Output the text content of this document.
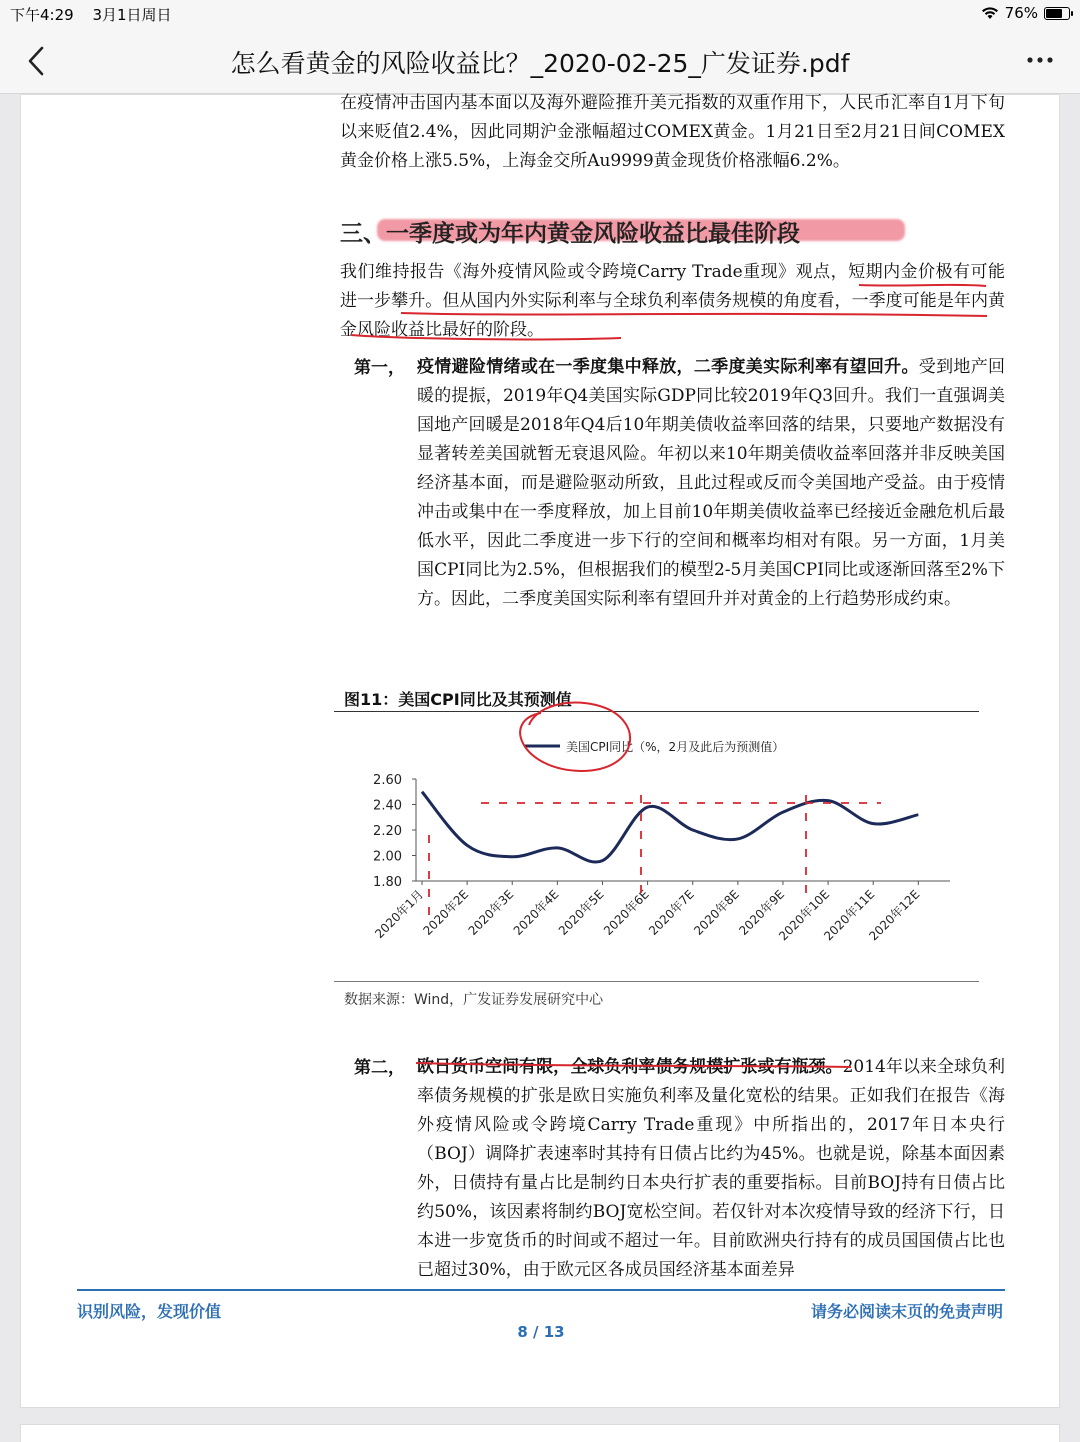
下午4:29 3月1日周日	76%
怎么看黄金的风险收益比？_2020-02-25_广发证券.pdf
在疫情冲击国内基本面以及海外避险推升美元指数的双重作用下，人民币汇率自1月下旬以来贬值2.4%，因此同期沪金涨幅超过COMEX黄金。1月21日至2月21日间COMEX黄金价格上涨5.5%，上海金交所Au9999黄金现货价格涨幅6.2%。
三、一季度或为年内黄金风险收益比最佳阶段
我们维持报告《海外疫情风险或令跨境Carry Trade重现》观点，短期内金价极有可能进一步攀升。但从国内外实际利率与全球负利率债务规模的角度看，一季度可能是年内黄金风险收益比最好的阶段。
第一， 疫情避险情绪或在一季度集中释放，二季度美实际利率有望回升。受到地产回暖的提振，2019年Q4美国实际GDP同比较2019年Q3回升。我们一直强调美国地产回暖是2018年Q4后10年期美债收益率回落的结果，只要地产数据没有显著转差美国就暂无衰退风险。年初以来10年期美债收益率回落并非反映美国经济基本面，而是避险驱动所致，且此过程或反而令美国地产受益。由于疫情冲击或集中在一季度释放，加上目前10年期美债收益率已经接近金融危机后最低水平，因此二季度进一步下行的空间和概率均相对有限。另一方面，1月美国CPI同比为2.5%，但根据我们的模型2-5月美国CPI同比或逐渐回落至2%下方。因此，二季度美国实际利率有望回升并对黄金的上行趋势形成约束。
图11：美国CPI同比及其预测值
美国CPI同比（%，2月及此后为预测值）
1.80
2.00
2.20
2.40
2.60
2020年1月
2020年2E
2020年3E
2020年4E
2020年5E
2020年6E
2020年7E
2020年8E
2020年9E
2020年10E
2020年11E
2020年12E
数据来源：Wind，广发证券发展研究中心
第二， 欧日货币空间有限，全球负利率债务规模扩张或有瓶颈。2014年以来全球负利率债务规模的扩张是欧日实施负利率及量化宽松的结果。正如我们在报告《海外疫情风险或令跨境Carry Trade重现》中所指出的，2017年日本央行（BOJ）调降扩表速率时其持有日债占比约为45%。也就是说，除基本面因素外，日债持有量占比是制约日本央行扩表的重要指标。目前BOJ持有日债占比约50%，该因素将制约BOJ宽松空间。若仅针对本次疫情导致的经济下行，日本进一步宽货币的时间或不超过一年。目前欧洲央行持有的成员国国债占比也已超过30%，由于欧元区各成员国经济基本面差异
识别风险，发现价值	请务必阅读末页的免责声明
8 / 13
